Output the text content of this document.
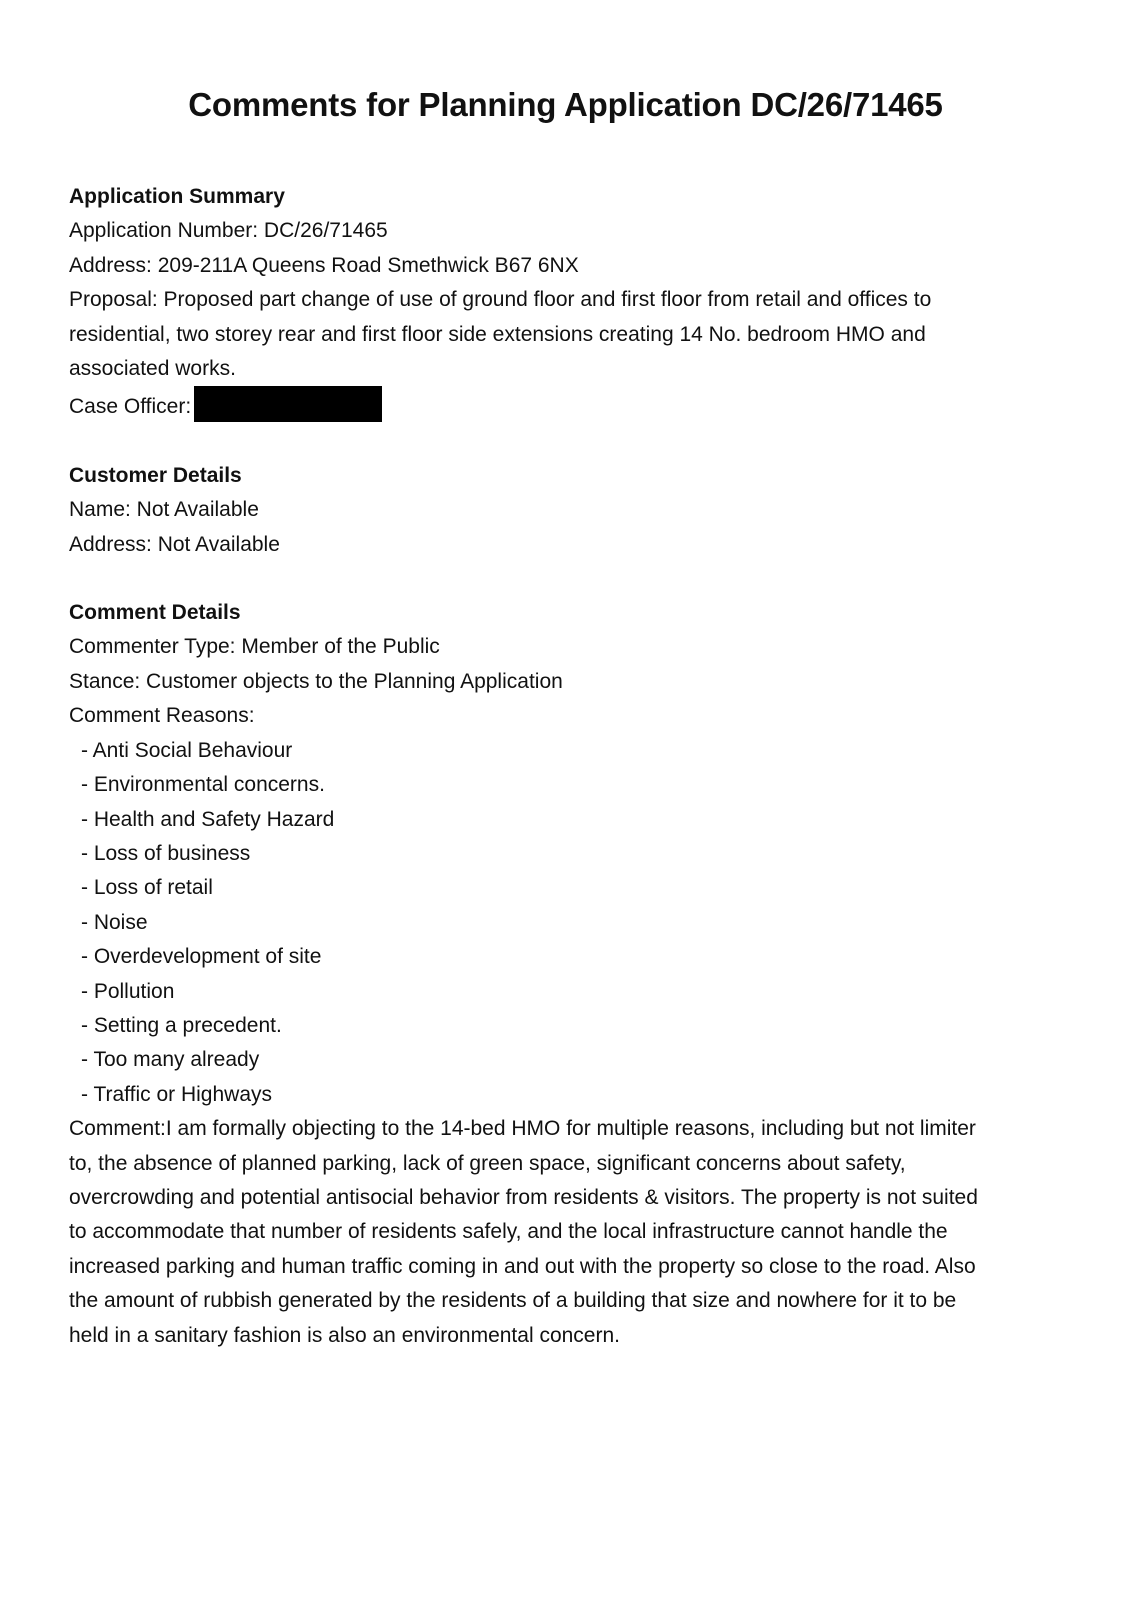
Comments for Planning Application DC/26/71465

Application Summary

Application Number: DC/26/71465

Address: 209-211A Queens Road Smethwick B67 6NX

Proposal: Proposed part change of use of ground floor and first floor from retail and offices to

residential, two storey rear and first floor side extensions creating 14 No. bedroom HMO and

associated works.

Case Officer:

Customer Details

Name: Not Available

Address: Not Available

Comment Details

Commenter Type: Member of the Public

Stance: Customer objects to the Planning Application

Comment Reasons:

- Anti Social Behaviour

- Environmental concerns.

- Health and Safety Hazard

- Loss of business

- Loss of retail

- Noise

- Overdevelopment of site

- Pollution

- Setting a precedent.

- Too many already

- Traffic or Highways

Comment:I am formally objecting to the 14-bed HMO for multiple reasons, including but not limiter

to, the absence of planned parking, lack of green space, significant concerns about safety,

overcrowding and potential antisocial behavior from residents & visitors. The property is not suited

to accommodate that number of residents safely, and the local infrastructure cannot handle the

increased parking and human traffic coming in and out with the property so close to the road. Also

the amount of rubbish generated by the residents of a building that size and nowhere for it to be

held in a sanitary fashion is also an environmental concern.
